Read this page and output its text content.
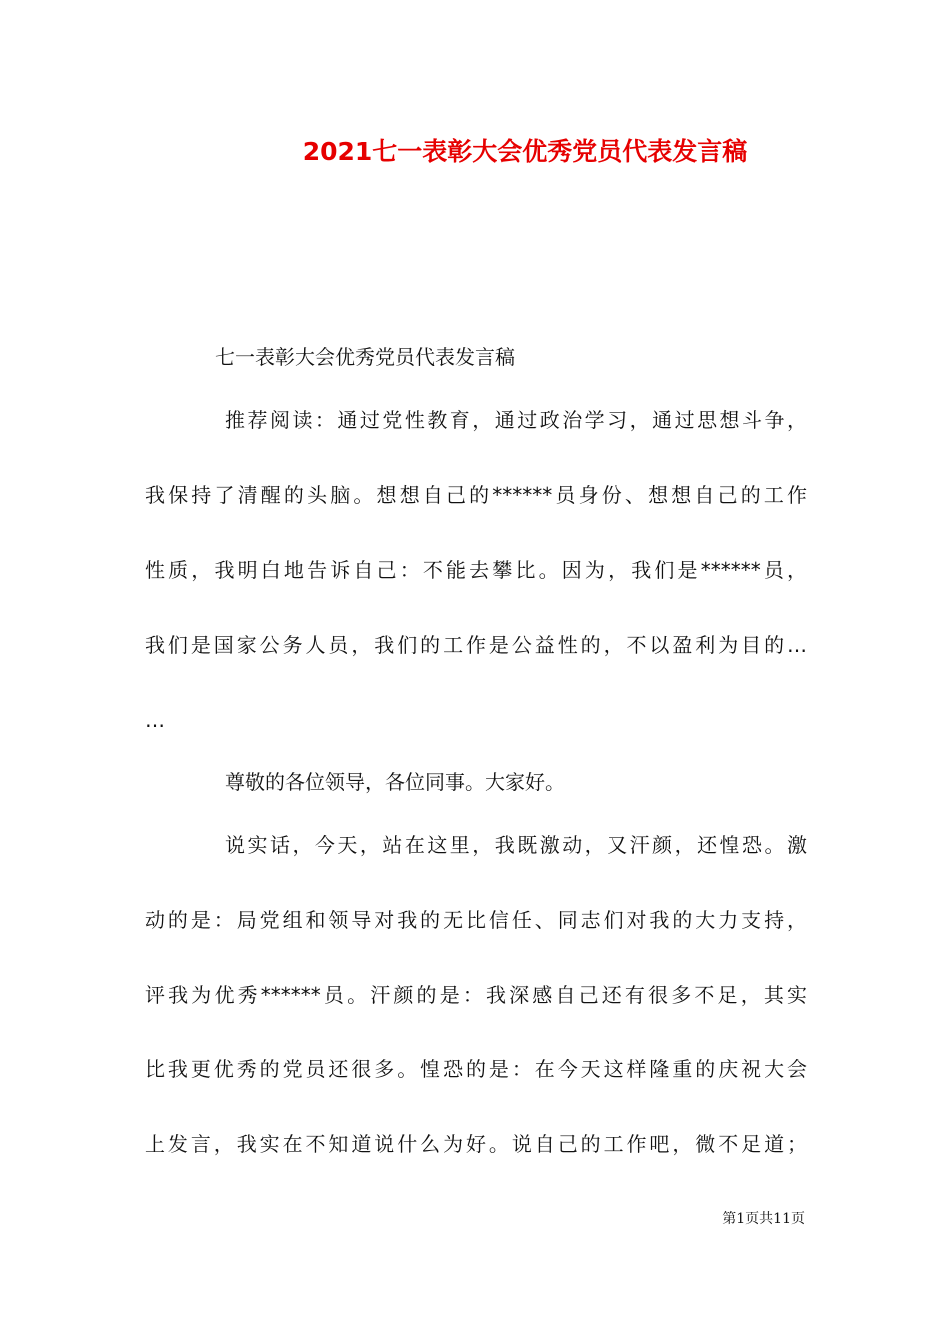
2021七一表彰大会优秀党员代表发言稿
七一表彰大会优秀党员代表发言稿
推荐阅读：通过党性教育，通过政治学习，通过思想斗争，
我保持了清醒的头脑。想想自己的******员身份、想想自己的工作
性质，我明白地告诉自己：不能去攀比。因为，我们是******员，
我们是国家公务人员，我们的工作是公益性的，不以盈利为目的…
…
尊敬的各位领导，各位同事。大家好。
说实话，今天，站在这里，我既激动，又汗颜，还惶恐。激
动的是：局党组和领导对我的无比信任、同志们对我的大力支持，
评我为优秀******员。汗颜的是：我深感自己还有很多不足，其实
比我更优秀的党员还很多。惶恐的是：在今天这样隆重的庆祝大会
上发言，我实在不知道说什么为好。说自己的工作吧，微不足道；
第1页共11页
